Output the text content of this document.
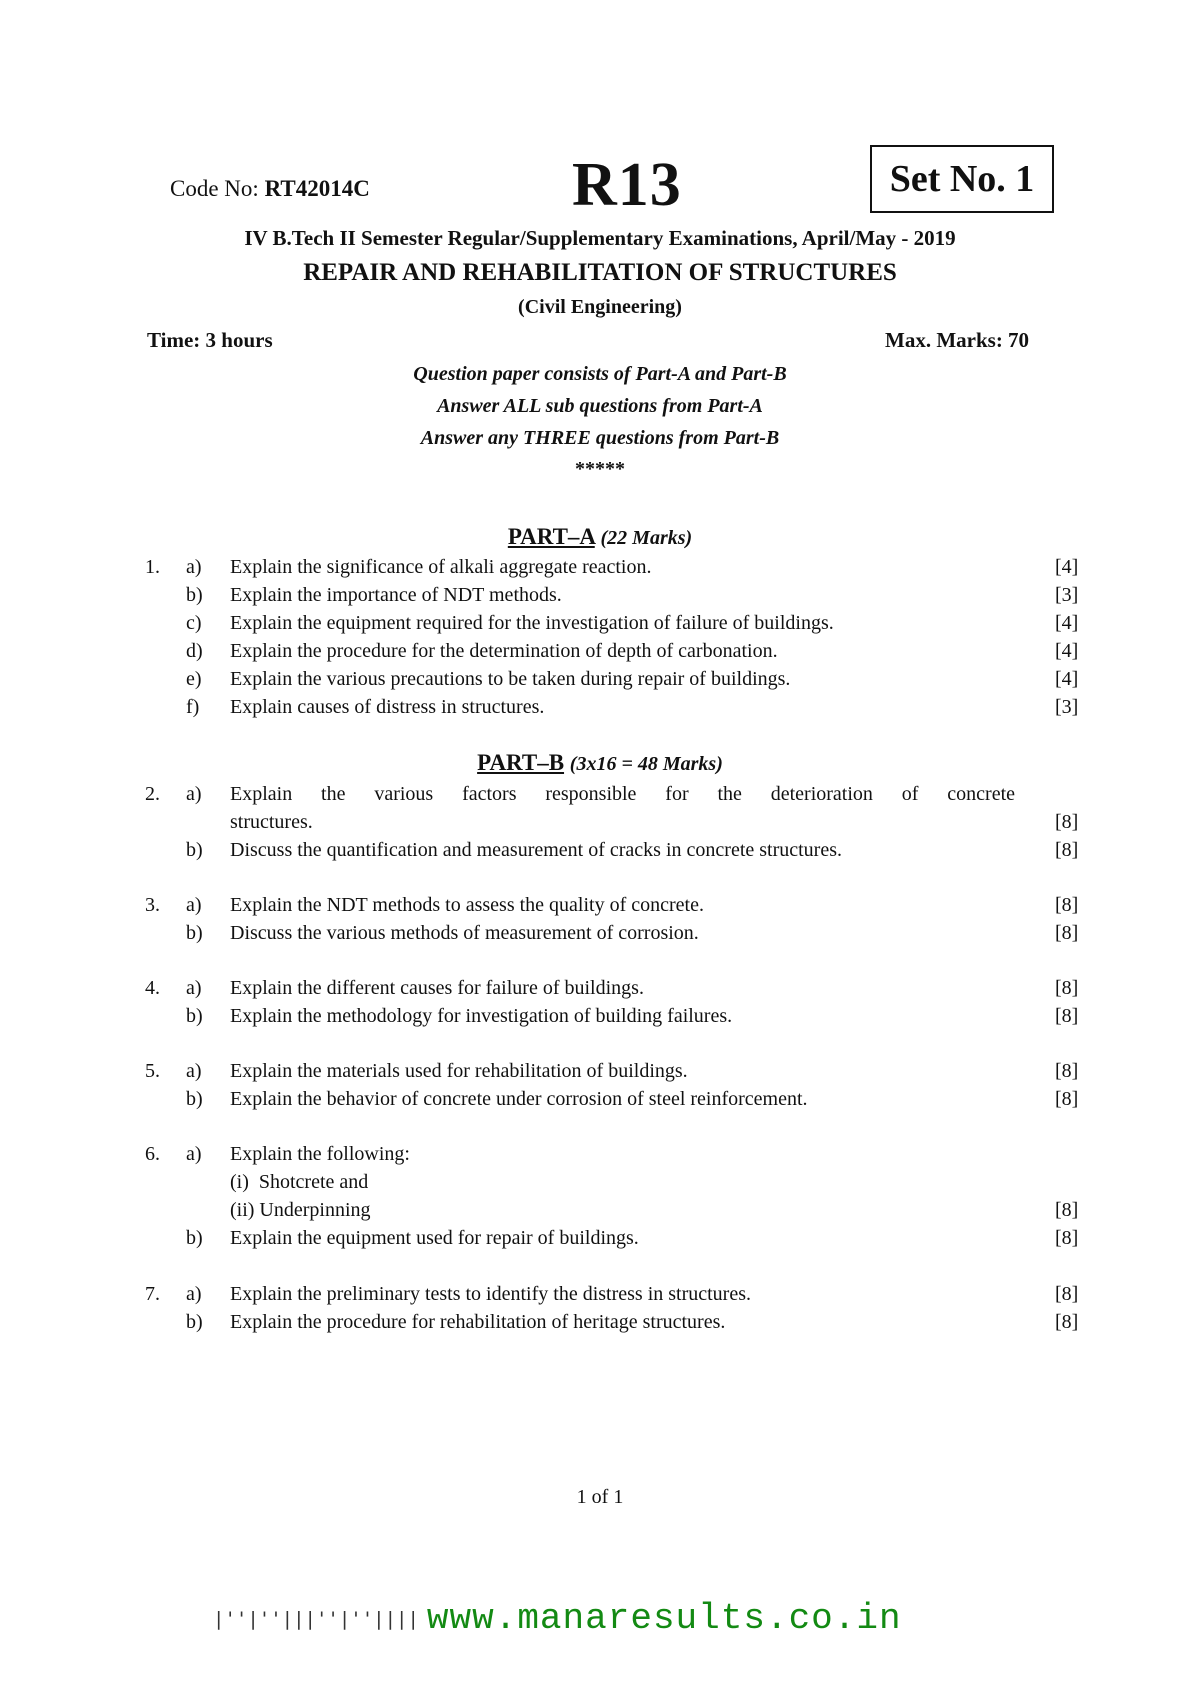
Code No: RT42014C	R13	Set No. 1
IV B.Tech II Semester Regular/Supplementary Examinations, April/May - 2019
REPAIR AND REHABILITATION OF STRUCTURES
(Civil Engineering)
Time: 3 hours	Max. Marks: 70
Question paper consists of Part-A and Part-B
Answer ALL sub questions from Part-A
Answer any THREE questions from Part-B
*****
PART–A (22 Marks)
1. a) Explain the significance of alkali aggregate reaction.	[4]
b) Explain the importance of NDT methods.	[3]
c) Explain the equipment required for the investigation of failure of buildings.	[4]
d) Explain the procedure for the determination of depth of carbonation.	[4]
e) Explain the various precautions to be taken during repair of buildings.	[4]
f) Explain causes of distress in structures.	[3]
PART–B (3x16 = 48 Marks)
2. a) Explain the various factors responsible for the deterioration of concrete
structures.	[8]
b) Discuss the quantification and measurement of cracks in concrete structures.	[8]
3. a) Explain the NDT methods to assess the quality of concrete.	[8]
b) Discuss the various methods of measurement of corrosion.	[8]
4. a) Explain the different causes for failure of buildings.	[8]
b) Explain the methodology for investigation of building failures.	[8]
5. a) Explain the materials used for rehabilitation of buildings.	[8]
b) Explain the behavior of concrete under corrosion of steel reinforcement.	[8]
6. a) Explain the following:
(i)  Shotcrete and
(ii) Underpinning	[8]
b) Explain the equipment used for repair of buildings.	[8]
7. a) Explain the preliminary tests to identify the distress in structures.	[8]
b) Explain the procedure for rehabilitation of heritage structures.	[8]
1 of 1
|''|''|||''|''|||| www.manaresults.co.in
